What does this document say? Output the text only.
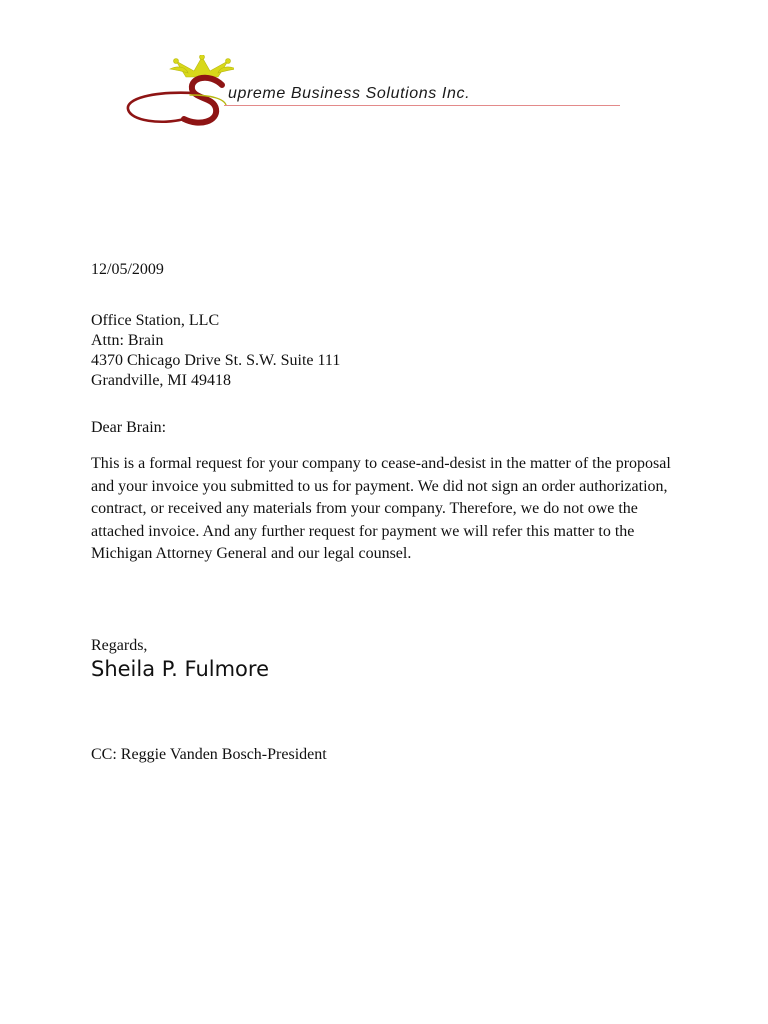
upreme Business Solutions Inc.
12/05/2009
Office Station, LLC
Attn: Brain
4370 Chicago Drive St. S.W. Suite 111
Grandville, MI 49418
Dear Brain:

This is a formal request for your company to cease-and-desist in the matter of the proposal and your invoice you submitted to us for payment. We did not sign an order authorization, contract, or received any materials from your company. Therefore, we do not owe the attached invoice. And any further request for payment we will refer this matter to the Michigan Attorney General and our legal counsel.

Regards,
Sheila P. Fulmore
CC: Reggie Vanden Bosch-President
